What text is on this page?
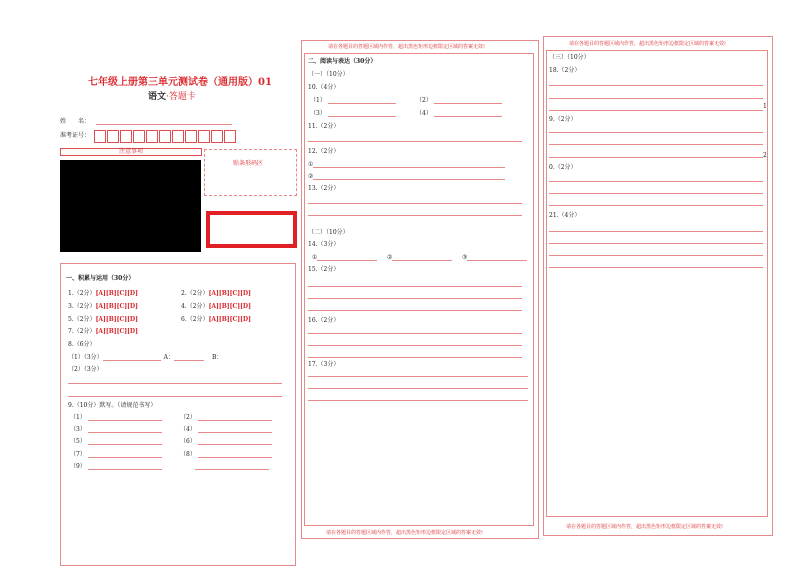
七年级上册第三单元测试卷（通用版）01
语文·答题卡
姓　　名：
准考证号：
注意事项
贴条形码区
一、积累与运用（30分）
1.（2分）[A][B][C][D]	2.（2分）[A][B][C][D]
3.（2分）[A][B][C][D]	4.（2分）[A][B][C][D]
5.（2分）[A][B][C][D]	6.（2分）[A][B][C][D]
7.（2分）[A][B][C][D]
8.（6分）
（1）（3分）	A：	B：
（2）（3分）
9.（10分）默写。（请规范书写）
（1）	（2）
（3）	（4）
（5）	（6）
（7）	（8）
（9）
请在各题目的答题区域内作答，超出黑色矩形边框限定区域的答案无效!
二、阅读与表达（30分）
（一）（10分）
10.（4分）
（1）	（2）
（3）	（4）
11.（2分）
12.（2分）
①
②
13.（2分）
（二）（10分）
14.（3分）
①	②	③
15.（2分）
16.（2分）
17.（3分）
请在各题目的答题区域内作答，超出黑色矩形边框限定区域的答案无效!
请在各题目的答题区域内作答，超出黑色矩形边框限定区域的答案无效!
（三）（10分）
18.（2分）
1
9.（2分）
2
0.（2分）
21.（4分）
请在各题目的答题区域内作答，超出黑色矩形边框限定区域的答案无效!
